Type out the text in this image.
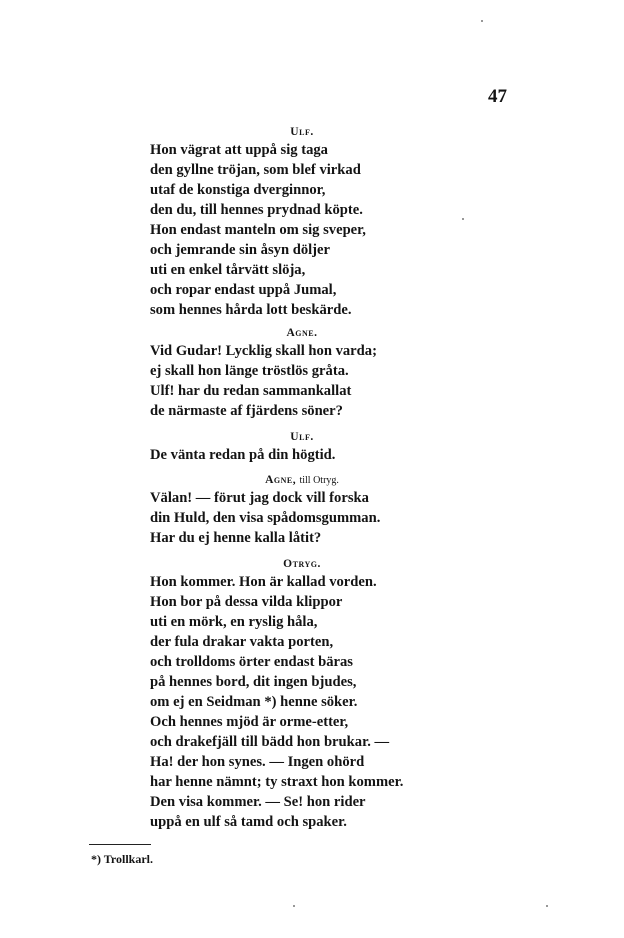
47
Ulf.
Hon vägrat att uppå sig taga
den gyllne tröjan, som blef virkad
utaf de konstiga dverginnor,
den du, till hennes prydnad köpte.
Hon endast manteln om sig sveper,
och jemrande sin åsyn döljer
uti en enkel tårvätt slöja,
och ropar endast uppå Jumal,
som hennes hårda lott beskärde.
Agne.
Vid Gudar! Lycklig skall hon varda;
ej skall hon länge tröstlös gråta.
Ulf! har du redan sammankallat
de närmaste af fjärdens söner?
Ulf.
De vänta redan på din högtid.
Agne, till Otryg.
Välan! — förut jag dock vill forska
din Huld, den visa spådomsgumman.
Har du ej henne kalla låtit?
Otryg.
Hon kommer. Hon är kallad vorden.
Hon bor på dessa vilda klippor
uti en mörk, en ryslig håla,
der fula drakar vakta porten,
och trolldoms örter endast bäras
på hennes bord, dit ingen bjudes,
om ej en Seidman *) henne söker.
Och hennes mjöd är orme-etter,
och drakefjäll till bädd hon brukar. —
Ha! der hon synes. — Ingen ohörd
har henne nämnt; ty straxt hon kommer.
Den visa kommer. — Se! hon rider
uppå en ulf så tamd och spaker.
*) Trollkarl.
